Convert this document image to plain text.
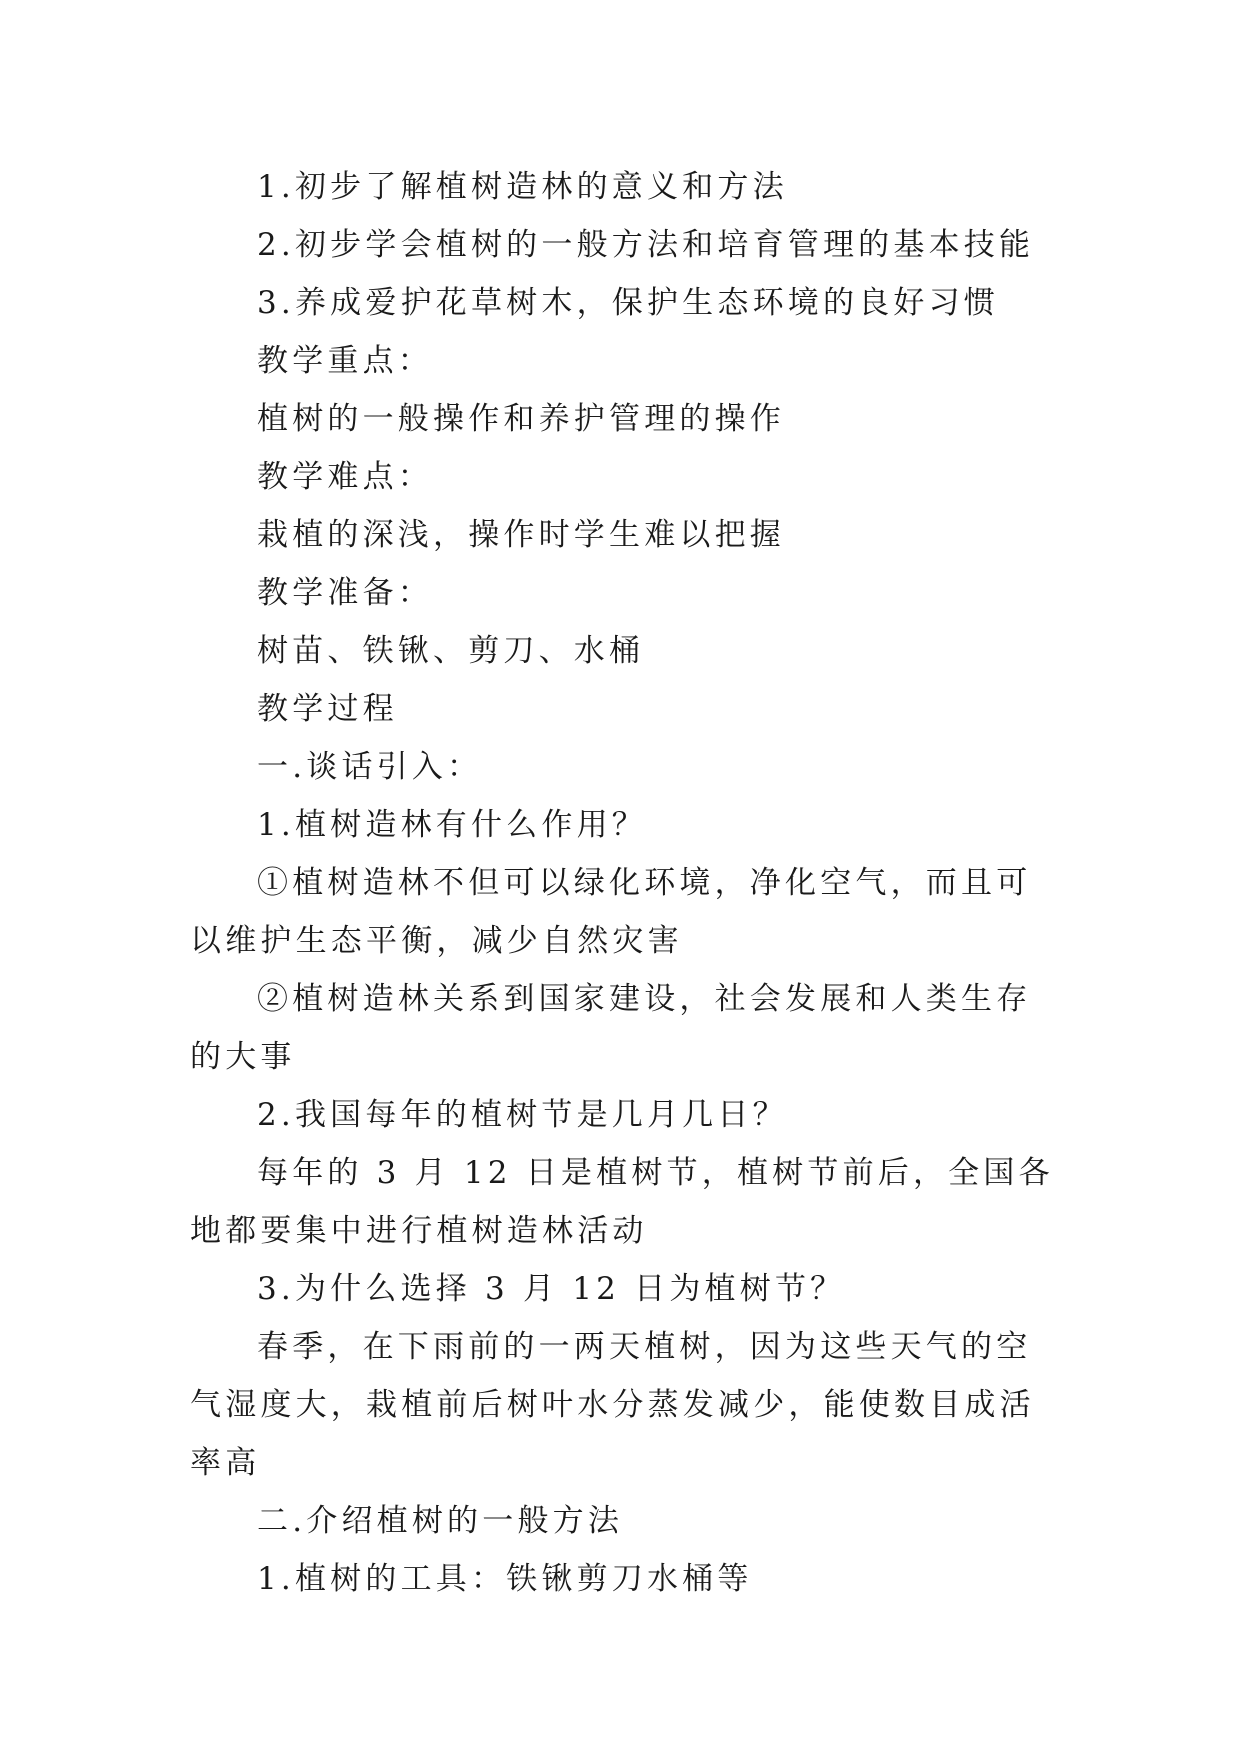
1.初步了解植树造林的意义和方法

2.初步学会植树的一般方法和培育管理的基本技能

3.养成爱护花草树木，保护生态环境的良好习惯

教学重点：

植树的一般操作和养护管理的操作

教学难点：

栽植的深浅，操作时学生难以把握

教学准备：

树苗、铁锹、剪刀、水桶

教学过程

一.谈话引入：

1.植树造林有什么作用？

①植树造林不但可以绿化环境，净化空气，而且可以维护生态平衡，减少自然灾害

②植树造林关系到国家建设，社会发展和人类生存的大事

2.我国每年的植树节是几月几日？

每年的 3 月 12 日是植树节，植树节前后，全国各地都要集中进行植树造林活动

3.为什么选择 3 月 12 日为植树节？

春季，在下雨前的一两天植树，因为这些天气的空气湿度大，栽植前后树叶水分蒸发减少，能使数目成活率高

二.介绍植树的一般方法

1.植树的工具：铁锹剪刀水桶等
